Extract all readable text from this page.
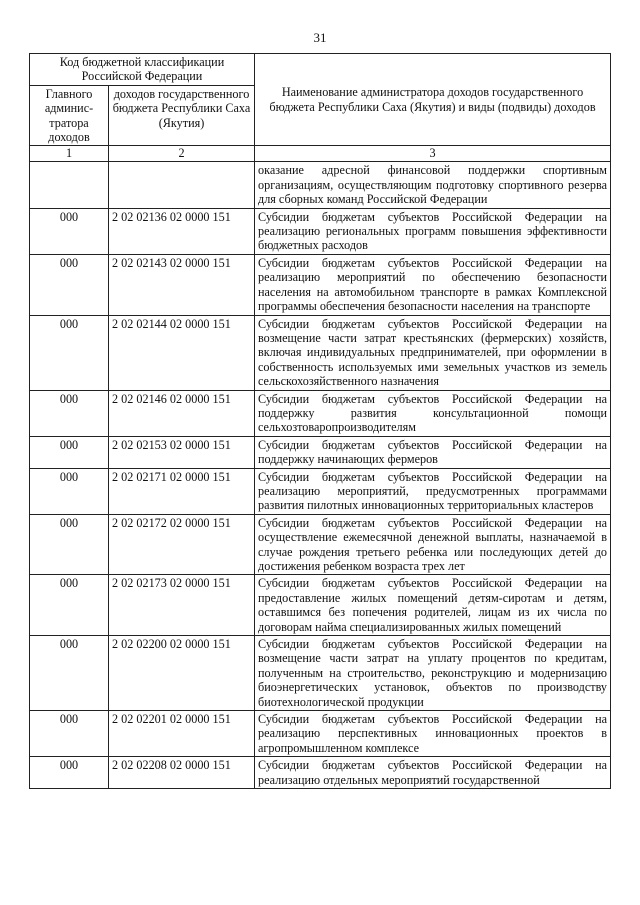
31
Код бюджетной классификации Российской Федерации		Наименование администратора доходов государственного бюджета Республики Саха (Якутия) и виды (подвиды) доходов
Главного админис-тратора доходов	доходов государственного бюджета Республики Саха (Якутия)	
1	2	3
		оказание адресной финансовой поддержки спортивным организациям, осуществляющим подготовку спортивного резерва для сборных команд Российской Федерации
000	2 02 02136 02 0000 151	Субсидии бюджетам субъектов Российской Федерации на реализацию региональных программ повышения эффективности бюджетных расходов
000	2 02 02143 02 0000 151	Субсидии бюджетам субъектов Российской Федерации на реализацию мероприятий по обеспечению безопасности населения на автомобильном транспорте в рамках Комплексной программы обеспечения безопасности населения на транспорте
000	2 02 02144 02 0000 151	Субсидии бюджетам субъектов Российской Федерации на возмещение части затрат крестьянских (фермерских) хозяйств, включая индивидуальных предпринимателей, при оформлении в собственность используемых ими земельных участков из земель сельскохозяйственного назначения
000	2 02 02146 02 0000 151	Субсидии бюджетам субъектов Российской Федерации на поддержку развития консультационной помощи сельхозтоваропроизводителям
000	2 02 02153 02 0000 151	Субсидии бюджетам субъектов Российской Федерации на поддержку начинающих фермеров
000	2 02 02171 02 0000 151	Субсидии бюджетам субъектов Российской Федерации на реализацию мероприятий, предусмотренных программами развития пилотных инновационных территориальных кластеров
000	2 02 02172 02 0000 151	Субсидии бюджетам субъектов Российской Федерации на осуществление ежемесячной денежной выплаты, назначаемой в случае рождения третьего ребенка или последующих детей до достижения ребенком возраста трех лет
000	2 02 02173 02 0000 151	Субсидии бюджетам субъектов Российской Федерации на предоставление жилых помещений детям-сиротам и детям, оставшимся без попечения родителей, лицам из их числа по договорам найма специализированных жилых помещений
000	2 02 02200 02 0000 151	Субсидии бюджетам субъектов Российской Федерации на возмещение части затрат на уплату процентов по кредитам, полученным на строительство, реконструкцию и модернизацию биоэнергетических установок, объектов по производству биотехнологической продукции
000	2 02 02201 02 0000 151	Субсидии бюджетам субъектов Российской Федерации на реализацию перспективных инновационных проектов в агропромышленном комплексе
000	2 02 02208 02 0000 151	Субсидии бюджетам субъектов Российской Федерации на реализацию отдельных мероприятий государственной
